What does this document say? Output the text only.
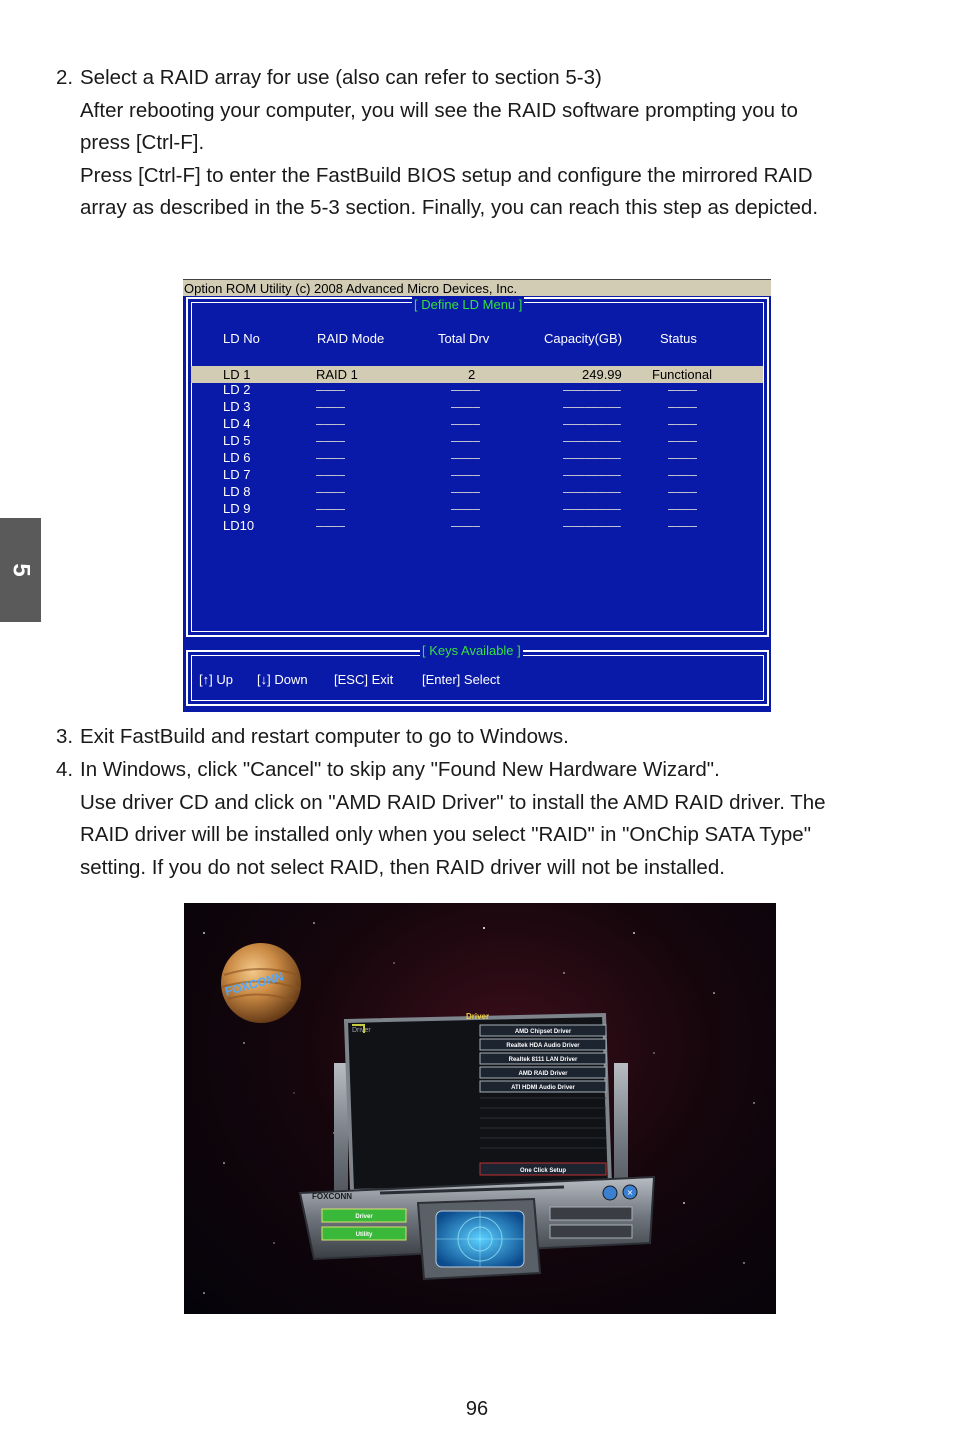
5
2. Select a RAID array for use (also can refer to section 5-3)
After rebooting your computer, you will see the RAID software prompting you to
press [Ctrl-F].
Press [Ctrl-F] to enter the FastBuild BIOS setup and configure the mirrored RAID
array as described in the 5-3 section. Finally, you can reach this step as depicted.
Option ROM Utility (c) 2008 Advanced Micro Devices, Inc.
[ Define LD Menu ]
LD No	RAID Mode	Total Drv	Capacity(GB)	Status
LD 1	RAID 1	2	249.99 Functional
LD 2	––––	––––	––––––––	––––
LD 3	––––	––––	––––––––	––––
LD 4	––––	––––	––––––––	––––
LD 5	––––	––––	––––––––	––––
LD 6	––––	––––	––––––––	––––
LD 7	––––	––––	––––––––	––––
LD 8	––––	––––	––––––––	––––
LD 9	––––	––––	––––––––	––––
LD10	––––	––––	––––––––	––––
[ Keys Available ]
[↑] Up [↓] Down [ESC] Exit [Enter] Select
3. Exit FastBuild and restart computer to go to Windows.
4. In Windows, click "Cancel" to skip any "Found New Hardware Wizard".
Use driver CD and click on "AMD RAID Driver" to install the AMD RAID driver. The
RAID driver will be installed only when you select "RAID" in "OnChip SATA Type"
setting. If you do not select RAID, then RAID driver will not be installed.
FOXCONN
Driver
Driver
AMD Chipset Driver
Realtek HDA Audio Driver
Realtek 8111 LAN Driver
AMD RAID Driver
ATI HDMI Audio Driver
One Click Setup
FOXCONN	×
Driver
Utility
96
